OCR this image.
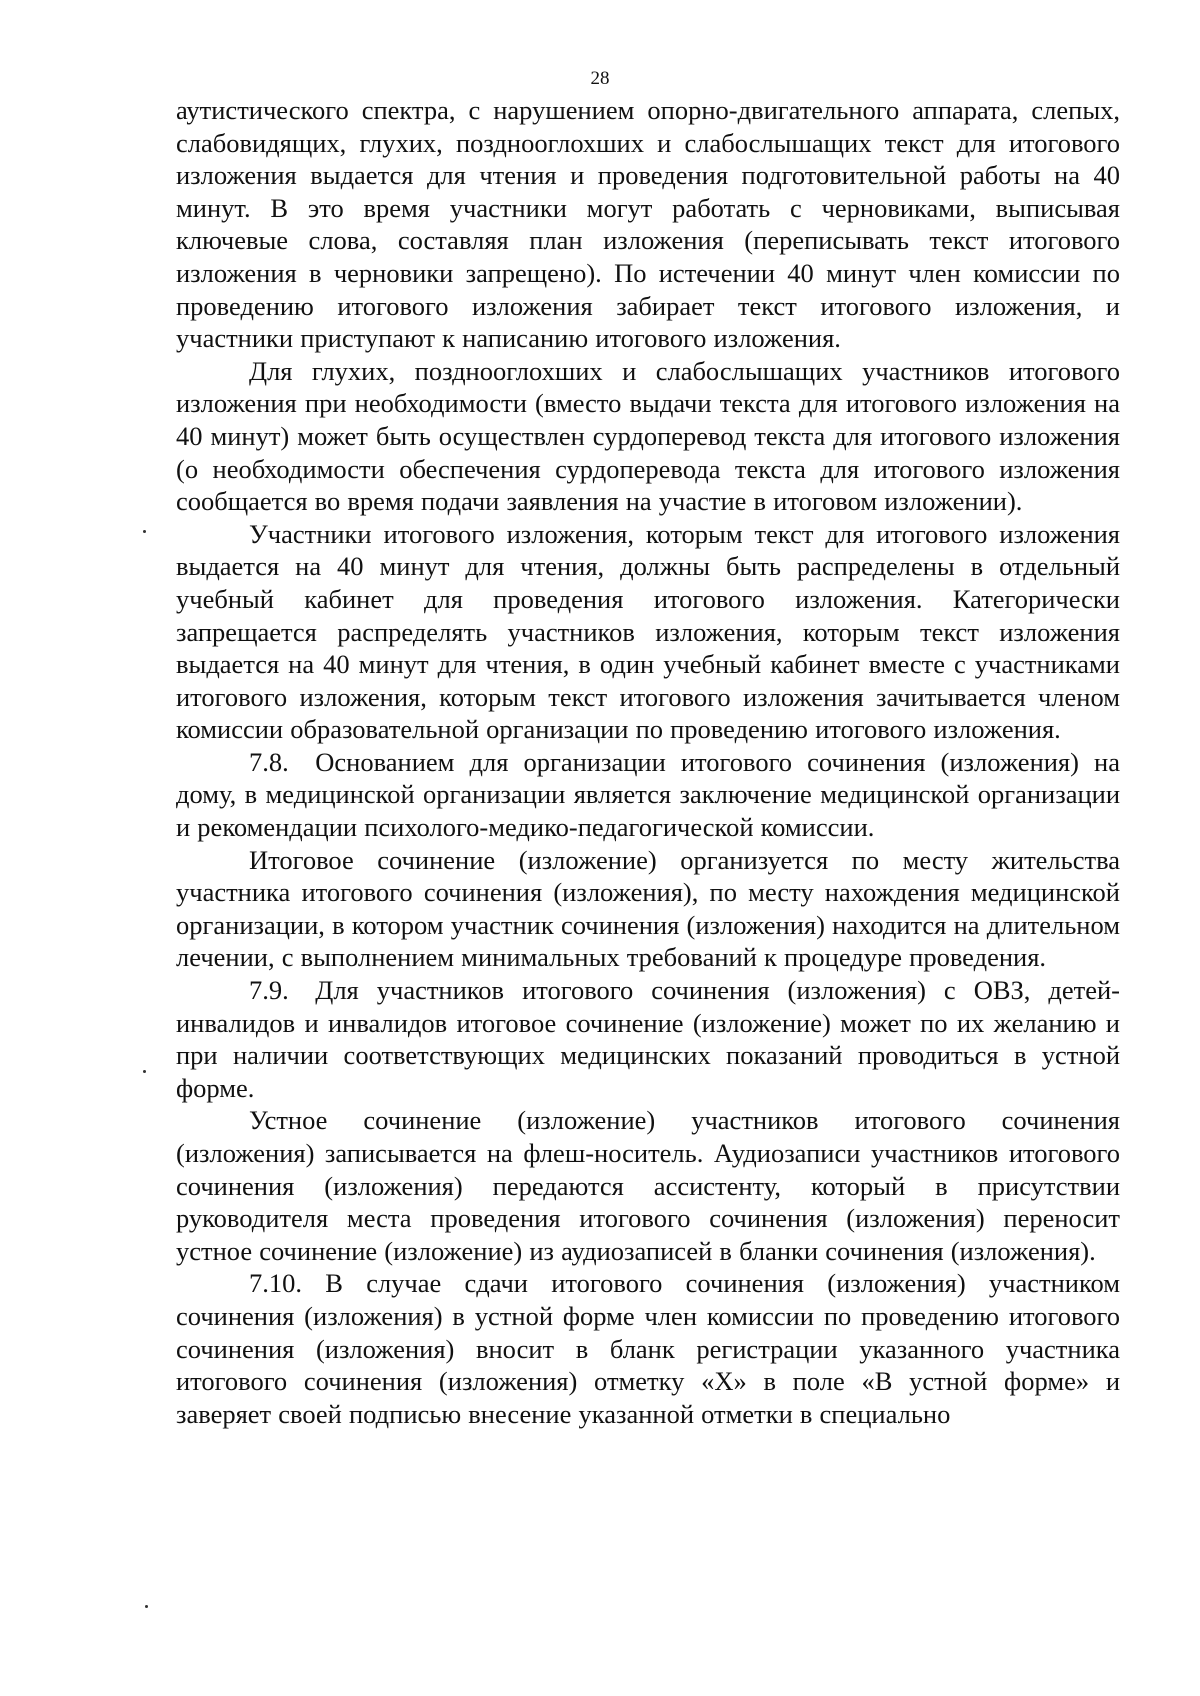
28

аутистического спектра, с нарушением опорно-двигательного аппарата, слепых, слабовидящих, глухих, позднооглохших и слабослышащих текст для итогового изложения выдается для чтения и проведения подготовительной работы на 40 минут. В это время участники могут работать с черновиками, выписывая ключевые слова, составляя план изложения (переписывать текст итогового изложения в черновики запрещено). По истечении 40 минут член комиссии по проведению итогового изложения забирает текст итогового изложения, и участники приступают к написанию итогового изложения.

Для глухих, позднооглохших и слабослышащих участников итогового изложения при необходимости (вместо выдачи текста для итогового изложения на 40 минут) может быть осуществлен сурдоперевод текста для итогового изложения (о необходимости обеспечения сурдоперевода текста для итогового изложения сообщается во время подачи заявления на участие в итоговом изложении).

Участники итогового изложения, которым текст для итогового изложения выдается на 40 минут для чтения, должны быть распределены в отдельный учебный кабинет для проведения итогового изложения. Категорически запрещается распределять участников изложения, которым текст изложения выдается на 40 минут для чтения, в один учебный кабинет вместе с участниками итогового изложения, которым текст итогового изложения зачитывается членом комиссии образовательной организации по проведению итогового изложения.

7.8. Основанием для организации итогового сочинения (изложения) на дому, в медицинской организации является заключение медицинской организации и рекомендации психолого-медико-педагогической комиссии.

Итоговое сочинение (изложение) организуется по месту жительства участника итогового сочинения (изложения), по месту нахождения медицинской организации, в котором участник сочинения (изложения) находится на длительном лечении, с выполнением минимальных требований к процедуре проведения.

7.9. Для участников итогового сочинения (изложения) с ОВЗ, детей-инвалидов и инвалидов итоговое сочинение (изложение) может по их желанию и при наличии соответствующих медицинских показаний проводиться в устной форме.

Устное сочинение (изложение) участников итогового сочинения (изложения) записывается на флеш-носитель. Аудиозаписи участников итогового сочинения (изложения) передаются ассистенту, который в присутствии руководителя места проведения итогового сочинения (изложения) переносит устное сочинение (изложение) из аудиозаписей в бланки сочинения (изложения).

7.10. В случае сдачи итогового сочинения (изложения) участником сочинения (изложения) в устной форме член комиссии по проведению итогового сочинения (изложения) вносит в бланк регистрации указанного участника итогового сочинения (изложения) отметку «Х» в поле «В устной форме» и заверяет своей подписью внесение указанной отметки в специально
